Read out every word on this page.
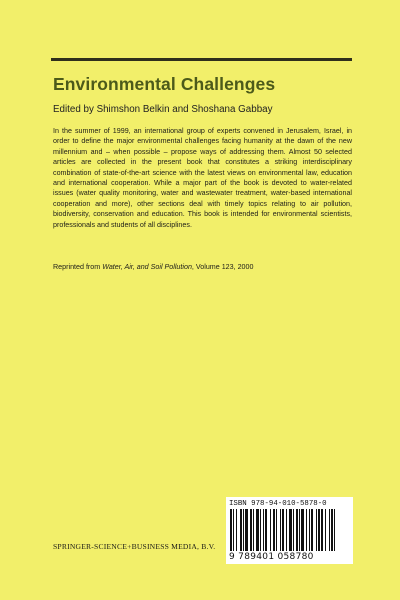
Environmental Challenges
Edited by Shimshon Belkin and Shoshana Gabbay

In the summer of 1999, an international group of experts convened in Jerusalem, Israel, in order to define the major environmental challenges facing humanity at the dawn of the new millennium and – when possible – propose ways of addressing them. Almost 50 selected articles are collected in the present book that constitutes a striking interdisciplinary combination of state-of-the-art science with the latest views on environmental law, education and international cooperation. While a major part of the book is devoted to water-related issues (water quality monitoring, water and wastewater treatment, water-based international cooperation and more), other sections deal with timely topics relating to air pollution, biodiversity, conservation and education. This book is intended for environmental scientists, professionals and students of all disciplines.

Reprinted from Water, Air, and Soil Pollution, Volume 123, 2000
SPRINGER-SCIENCE+BUSINESS MEDIA, B.V.

ISBN 978-94-010-5878-0

9 789401 058780
